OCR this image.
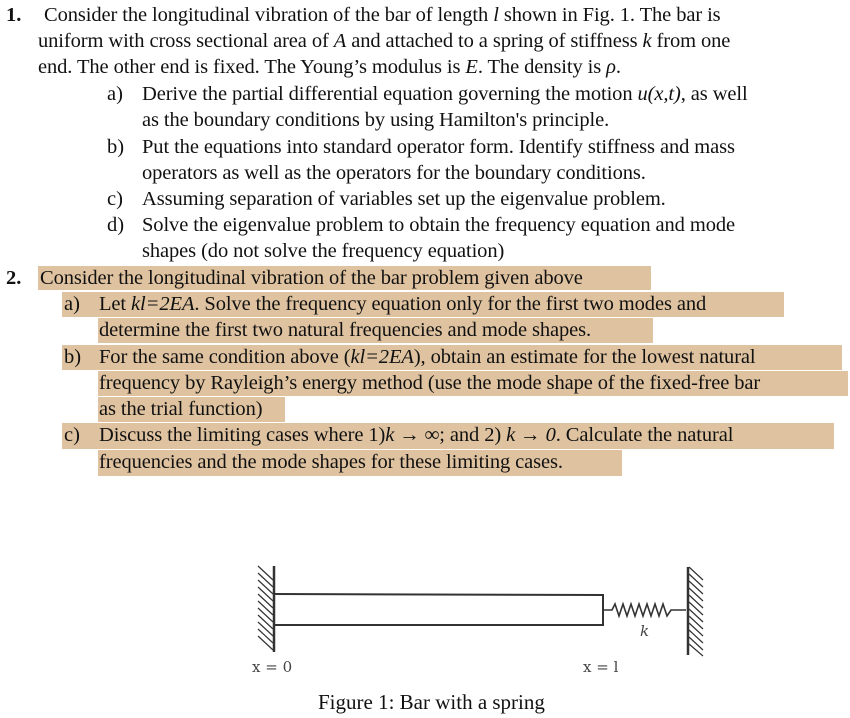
1. Consider the longitudinal vibration of the bar of length l shown in Fig. 1. The bar is
uniform with cross sectional area of A and attached to a spring of stiffness k from one
end. The other end is fixed. The Young’s modulus is E. The density is ρ.
a) Derive the partial differential equation governing the motion u(x,t), as well
as the boundary conditions by using Hamilton's principle.
b) Put the equations into standard operator form. Identify stiffness and mass
operators as well as the operators for the boundary conditions.
c) Assuming separation of variables set up the eigenvalue problem.
d) Solve the eigenvalue problem to obtain the frequency equation and mode
shapes (do not solve the frequency equation)
2. Consider the longitudinal vibration of the bar problem given above
a) Let kl=2EA. Solve the frequency equation only for the first two modes and
determine the first two natural frequencies and mode shapes.
b) For the same condition above (kl=2EA), obtain an estimate for the lowest natural
frequency by Rayleigh’s energy method (use the mode shape of the fixed-free bar
as the trial function)
c) Discuss the limiting cases where 1)k → ∞; and 2) k → 0. Calculate the natural
frequencies and the mode shapes for these limiting cases.
k
x = 0	x = l
Figure 1: Bar with a spring
